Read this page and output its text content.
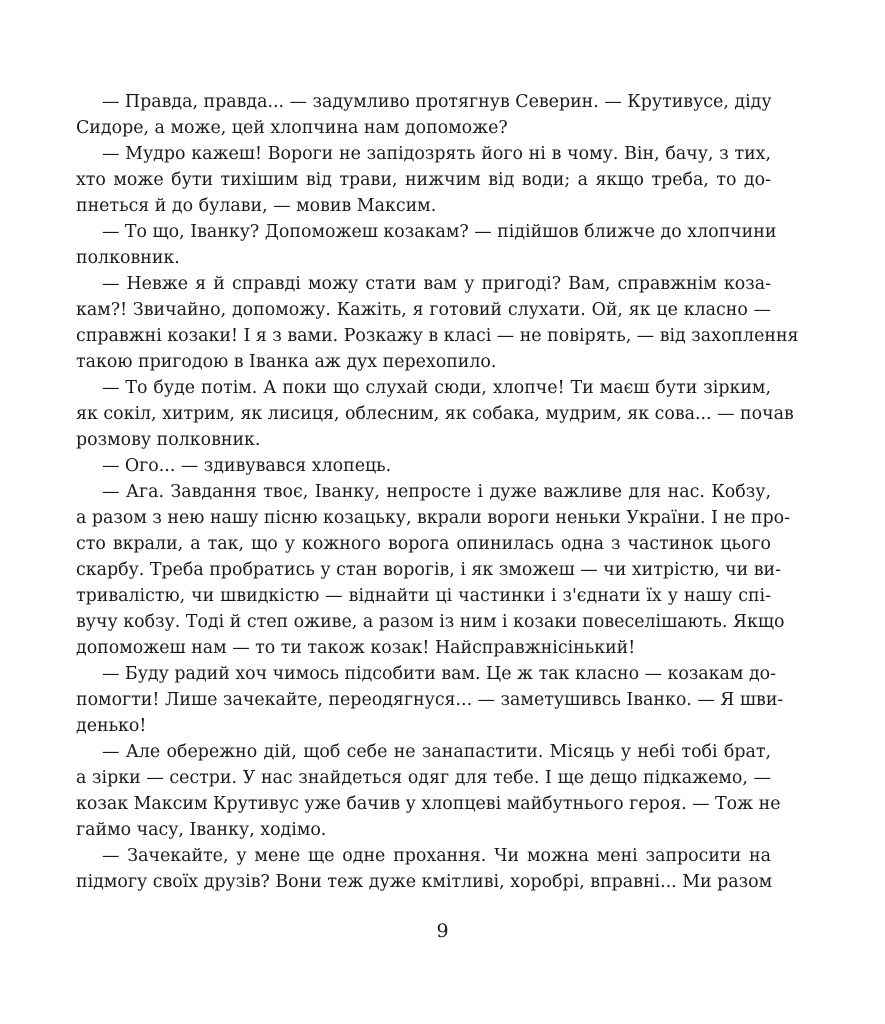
— Правда, правда... — задумливо протягнув Северин. — Крутивусе, діду
Сидоре, а може, цей хлопчина нам допоможе?
— Мудро кажеш! Вороги не запідозрять його ні в чому. Він, бачу, з тих,
хто може бути тихішим від трави, нижчим від води; а якщо треба, то до-
пнеться й до булави, — мовив Максим.
— То що, Іванку? Допоможеш козакам? — підійшов ближче до хлопчини
полковник.
— Невже я й справді можу стати вам у пригоді? Вам, справжнім коза-
кам?! Звичайно, допоможу. Кажіть, я готовий слухати. Ой, як це класно —
справжні козаки! І я з вами. Розкажу в класі — не повірять, — від захоплення
такою пригодою в Іванка аж дух перехопило.
— То буде потім. А поки що слухай сюди, хлопче! Ти маєш бути зірким,
як сокіл, хитрим, як лисиця, облесним, як собака, мудрим, як сова... — почав
розмову полковник.
— Ого... — здивувався хлопець.
— Ага. Завдання твоє, Іванку, непросте і дуже важливе для нас. Кобзу,
а разом з нею нашу пісню козацьку, вкрали вороги неньки України. І не про-
сто вкрали, а так, що у кожного ворога опинилась одна з частинок цього
скарбу. Треба пробратись у стан ворогів, і як зможеш — чи хитрістю, чи ви-
тривалістю, чи швидкістю — віднайти ці частинки і з'єднати їх у нашу спі-
вучу кобзу. Тоді й степ оживе, а разом із ним і козаки повеселішають. Якщо
допоможеш нам — то ти також козак! Найсправжнісінький!
— Буду радий хоч чимось підсобити вам. Це ж так класно — козакам до-
помогти! Лише зачекайте, переодягнуся... — заметушивсь Іванко. — Я шви-
денько!
— Але обережно дій, щоб себе не занапастити. Місяць у небі тобі брат,
а зірки — сестри. У нас знайдеться одяг для тебе. І ще дещо підкажемо, —
козак Максим Крутивус уже бачив у хлопцеві майбутнього героя. — Тож не
гаймо часу, Іванку, ходімо.
— Зачекайте, у мене ще одне прохання. Чи можна мені запросити на
підмогу своїх друзів? Вони теж дуже кмітливі, хоробрі, вправні... Ми разом
9
